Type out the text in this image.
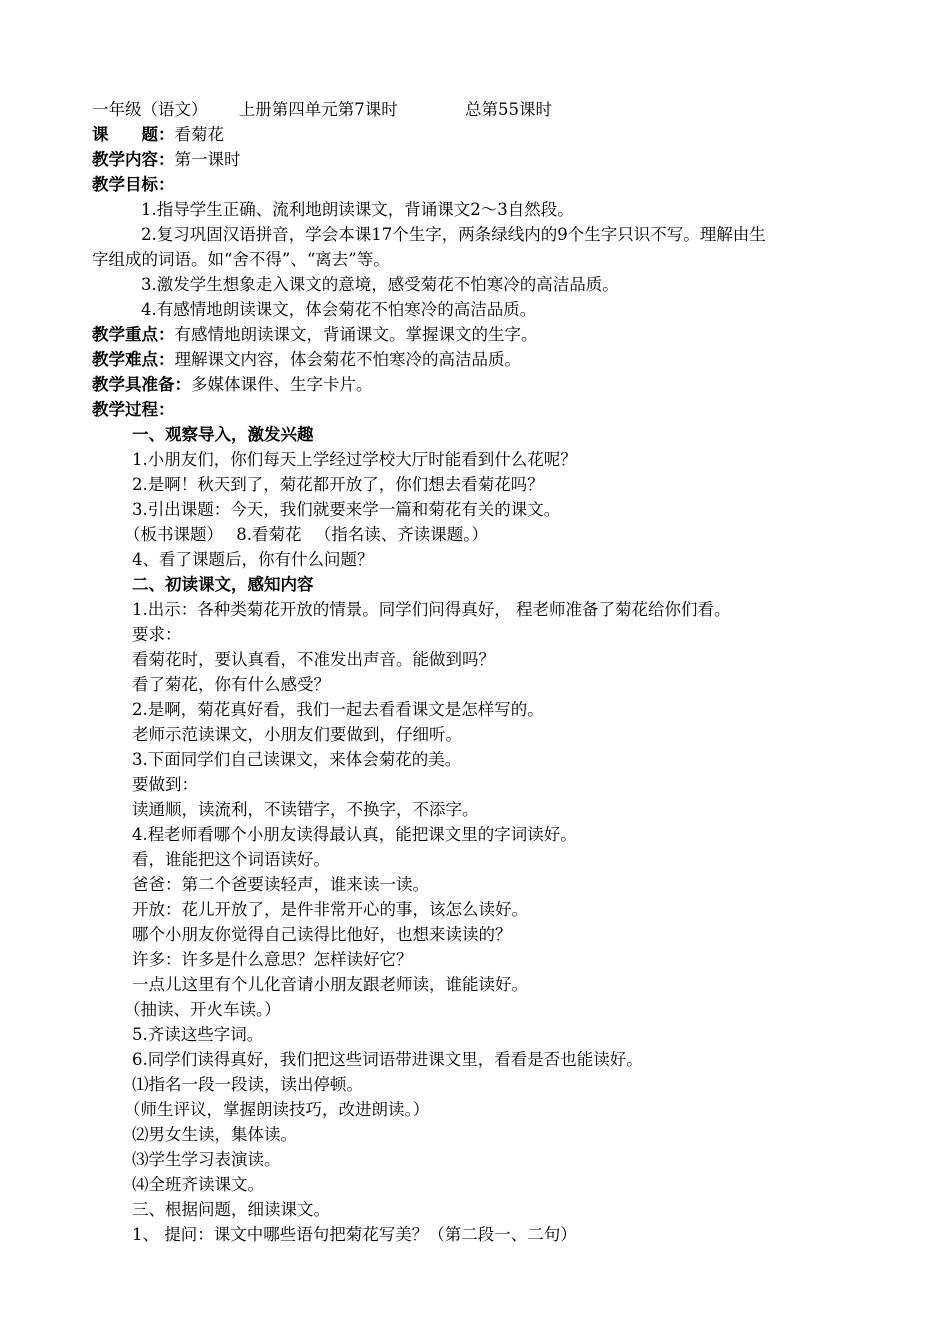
一年级（语文） 上册第四单元第7课时	总第55课时
课　　题：看菊花
教学内容：第一课时
教学目标：
1.指导学生正确、流利地朗读课文，背诵课文2～3自然段。
2.复习巩固汉语拼音，学会本课17个生字，两条绿线内的9个生字只识不写。理解由生
字组成的词语。如“舍不得”、“离去”等。
3.激发学生想象走入课文的意境，感受菊花不怕寒冷的高洁品质。
4.有感情地朗读课文，体会菊花不怕寒冷的高洁品质。
教学重点：有感情地朗读课文，背诵课文。掌握课文的生字。
教学难点：理解课文内容，体会菊花不怕寒冷的高洁品质。
教学具准备：多媒体课件、生字卡片。
教学过程：
一、观察导入，激发兴趣
1.小朋友们，你们每天上学经过学校大厅时能看到什么花呢？
2.是啊！秋天到了，菊花都开放了，你们想去看菊花吗？
3.引出课题：今天，我们就要来学一篇和菊花有关的课文。
（板书课题） 8.看菊花 （指名读、齐读课题。）
4、看了课题后，你有什么问题？
二、初读课文，感知内容
1.出示：各种类菊花开放的情景。同学们问得真好， 程老师准备了菊花给你们看。
要求：
看菊花时，要认真看，不准发出声音。能做到吗？
看了菊花，你有什么感受？
2.是啊，菊花真好看，我们一起去看看课文是怎样写的。
老师示范读课文，小朋友们要做到，仔细听。
3.下面同学们自己读课文，来体会菊花的美。
要做到：
读通顺，读流利，不读错字，不换字，不添字。
4.程老师看哪个小朋友读得最认真，能把课文里的字词读好。
看，谁能把这个词语读好。
爸爸：第二个爸要读轻声，谁来读一读。
开放：花儿开放了，是件非常开心的事，该怎么读好。
哪个小朋友你觉得自己读得比他好，也想来读读的？
许多：许多是什么意思？怎样读好它？
一点儿这里有个儿化音请小朋友跟老师读，谁能读好。
（抽读、开火车读。）
5.齐读这些字词。
6.同学们读得真好，我们把这些词语带进课文里，看看是否也能读好。
⑴指名一段一段读，读出停顿。
（师生评议，掌握朗读技巧，改进朗读。）
⑵男女生读，集体读。
⑶学生学习表演读。
⑷全班齐读课文。
三、根据问题，细读课文。
1、 提问：课文中哪些语句把菊花写美？（第二段一、二句）
